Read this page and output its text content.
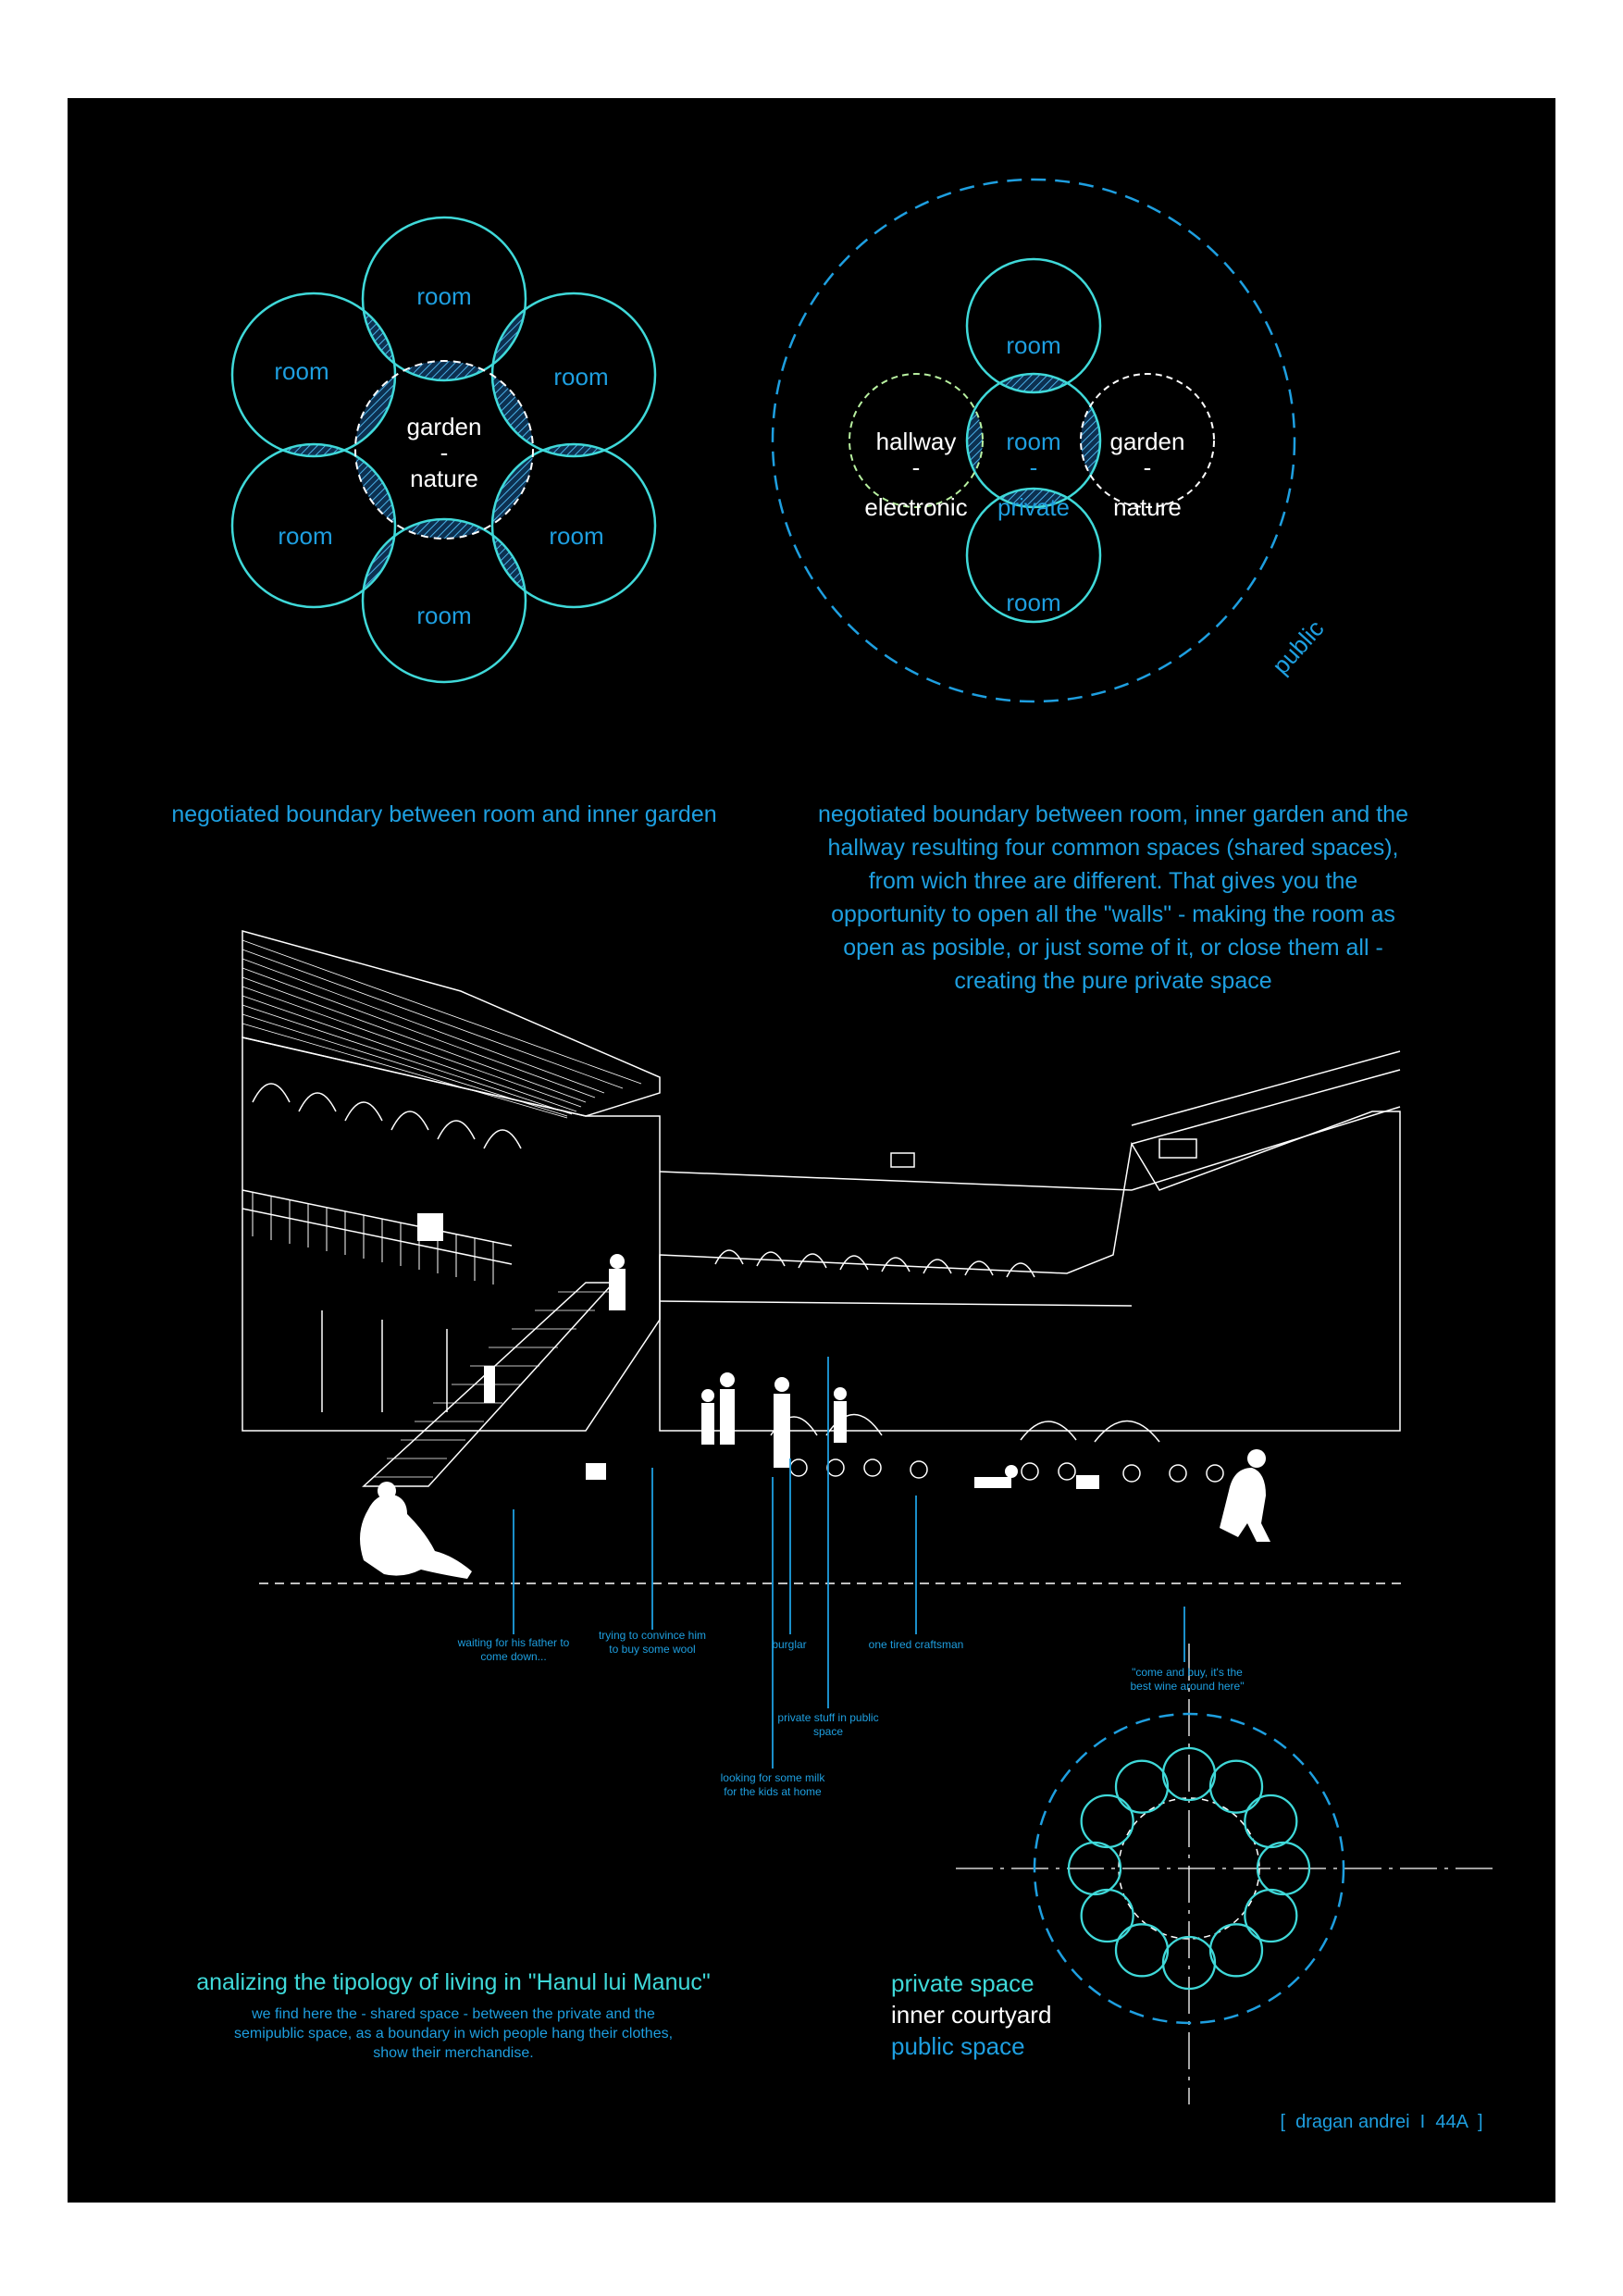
room
room
room
room
room
room
garden
-
nature
room
room
room
-
private
hallway
-
electronic
garden
-
nature
public
negotiated boundary between room and inner garden	negotiated boundary between room, inner garden and the
hallway resulting four common spaces (shared spaces),
from wich three are different. That gives you the
opportunity to open all the "walls" - making the room as
open as posible, or just some of it, or close them all -
creating the pure private space
waiting for his father to
come down...
trying to convince him
to buy some wool	burglar	one tired craftsman
private stuff in public
space
looking for some milk
for the kids at home
"come and buy, it's the
best wine around here"
analizing the tipology of living in "Hanul lui Manuc"
we find here the - shared space - between the private and the
semipublic space, as a boundary in wich people hang their clothes,
show their merchandise.
private space
inner courtyard
public space
[  dragan andrei  I  44A  ]
